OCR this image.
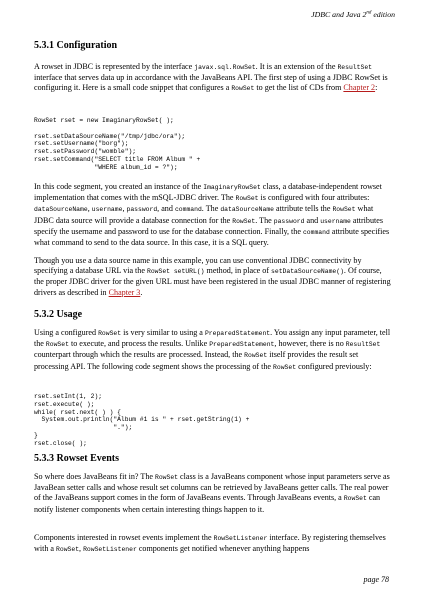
JDBC and Java 2nd edition
5.3.1 Configuration

A rowset in JDBC is represented by the interface javax.sql.RowSet. It is an extension of the ResultSet interface that serves data up in accordance with the JavaBeans API. The first step of using a JDBC RowSet is configuring it. Here is a small code snippet that configures a RowSet to get the list of CDs from Chapter 2:

RowSet rset = new ImaginaryRowSet( );

rset.setDataSourceName("/tmp/jdbc/ora");
rset.setUsername("borg");
rset.setPassword("womble");
rset.setCommand("SELECT title FROM Album " +
"WHERE album_id = ?");

In this code segment, you created an instance of the ImaginaryRowSet class, a database-independent rowset implementation that comes with the mSQL-JDBC driver. The RowSet is configured with four attributes: dataSourceName, username, password, and command. The dataSourceName attribute tells the RowSet what JDBC data source will provide a database connection for the RowSet. The password and username attributes specify the username and password to use for the database connection. Finally, the command attribute specifies what command to send to the data source. In this case, it is a SQL query.

Though you use a data source name in this example, you can use conventional JDBC connectivity by specifying a database URL via the RowSet setURL() method, in place of setDataSourceName(). Of course, the proper JDBC driver for the given URL must have been registered in the usual JDBC manner of registering drivers as described in Chapter 3.

5.3.2 Usage

Using a configured RowSet is very similar to using a PreparedStatement. You assign any input parameter, tell the RowSet to execute, and process the results. Unlike PreparedStatement, however, there is no ResultSet counterpart through which the results are processed. Instead, the RowSet itself provides the result set processing API. The following code segment shows the processing of the RowSet configured previously:

rset.setInt(1, 2);
rset.execute( );
while( rset.next( ) ) {
System.out.println("Album #1 is " + rset.getString(1) +
".");
}
rset.close( );
5.3.3 Rowset Events

So where does JavaBeans fit in? The RowSet class is a JavaBeans component whose input parameters serve as JavaBean setter calls and whose result set columns can be retrieved by JavaBeans getter calls. The real power of the JavaBeans support comes in the form of JavaBeans events. Through JavaBeans events, a RowSet can notify listener components when certain interesting things happen to it.

Components interested in rowset events implement the RowSetListener interface. By registering themselves with a RowSet, RowSetListener components get notified whenever anything happens

page 78
